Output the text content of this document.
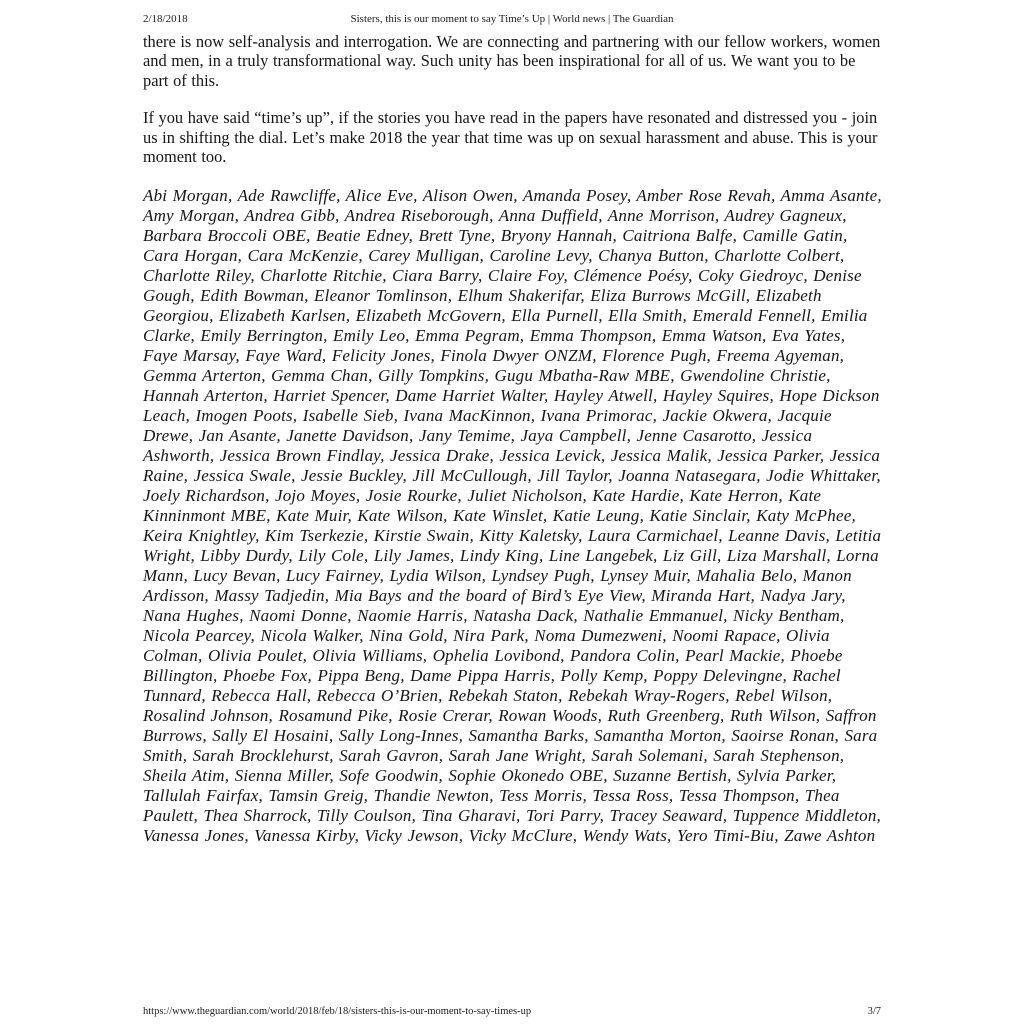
2/18/2018	Sisters, this is our moment to say Time’s Up | World news | The Guardian

there is now self-analysis and interrogation. We are connecting and partnering with our fellow workers, women and men, in a truly transformational way. Such unity has been inspirational for all of us. We want you to be part of this.

If you have said “time’s up”, if the stories you have read in the papers have resonated and distressed you - join us in shifting the dial. Let’s make 2018 the year that time was up on sexual harassment and abuse. This is your moment too.

Abi Morgan, Ade Rawcliffe, Alice Eve, Alison Owen, Amanda Posey, Amber Rose Revah, Amma Asante, Amy Morgan, Andrea Gibb, Andrea Riseborough, Anna Duffield, Anne Morrison, Audrey Gagneux, Barbara Broccoli OBE, Beatie Edney, Brett Tyne, Bryony Hannah, Caitriona Balfe, Camille Gatin, Cara Horgan, Cara McKenzie, Carey Mulligan, Caroline Levy, Chanya Button, Charlotte Colbert, Charlotte Riley, Charlotte Ritchie, Ciara Barry, Claire Foy, Clémence Poésy, Coky Giedroyc, Denise Gough, Edith Bowman, Eleanor Tomlinson, Elhum Shakerifar, Eliza Burrows McGill, Elizabeth Georgiou, Elizabeth Karlsen, Elizabeth McGovern, Ella Purnell, Ella Smith, Emerald Fennell, Emilia Clarke, Emily Berrington, Emily Leo, Emma Pegram, Emma Thompson, Emma Watson, Eva Yates, Faye Marsay, Faye Ward, Felicity Jones, Finola Dwyer ONZM, Florence Pugh, Freema Agyeman, Gemma Arterton, Gemma Chan, Gilly Tompkins, Gugu Mbatha-Raw MBE, Gwendoline Christie, Hannah Arterton, Harriet Spencer, Dame Harriet Walter, Hayley Atwell, Hayley Squires, Hope Dickson Leach, Imogen Poots, Isabelle Sieb, Ivana MacKinnon, Ivana Primorac, Jackie Okwera, Jacquie Drewe, Jan Asante, Janette Davidson, Jany Temime, Jaya Campbell, Jenne Casarotto, Jessica Ashworth, Jessica Brown Findlay, Jessica Drake, Jessica Levick, Jessica Malik, Jessica Parker, Jessica Raine, Jessica Swale, Jessie Buckley, Jill McCullough, Jill Taylor, Joanna Natasegara, Jodie Whittaker, Joely Richardson, Jojo Moyes, Josie Rourke, Juliet Nicholson, Kate Hardie, Kate Herron, Kate Kinninmont MBE, Kate Muir, Kate Wilson, Kate Winslet, Katie Leung, Katie Sinclair, Katy McPhee, Keira Knightley, Kim Tserkezie, Kirstie Swain, Kitty Kaletsky, Laura Carmichael, Leanne Davis, Letitia Wright, Libby Durdy, Lily Cole, Lily James, Lindy King, Line Langebek, Liz Gill, Liza Marshall, Lorna Mann, Lucy Bevan, Lucy Fairney, Lydia Wilson, Lyndsey Pugh, Lynsey Muir, Mahalia Belo, Manon Ardisson, Massy Tadjedin, Mia Bays and the board of Bird’s Eye View, Miranda Hart, Nadya Jary, Nana Hughes, Naomi Donne, Naomie Harris, Natasha Dack, Nathalie Emmanuel, Nicky Bentham, Nicola Pearcey, Nicola Walker, Nina Gold, Nira Park, Noma Dumezweni, Noomi Rapace, Olivia Colman, Olivia Poulet, Olivia Williams, Ophelia Lovibond, Pandora Colin, Pearl Mackie, Phoebe Billington, Phoebe Fox, Pippa Beng, Dame Pippa Harris, Polly Kemp, Poppy Delevingne, Rachel Tunnard, Rebecca Hall, Rebecca O’Brien, Rebekah Staton, Rebekah Wray-Rogers, Rebel Wilson, Rosalind Johnson, Rosamund Pike, Rosie Crerar, Rowan Woods, Ruth Greenberg, Ruth Wilson, Saffron Burrows, Sally El Hosaini, Sally Long-Innes, Samantha Barks, Samantha Morton, Saoirse Ronan, Sara Smith, Sarah Brocklehurst, Sarah Gavron, Sarah Jane Wright, Sarah Solemani, Sarah Stephenson, Sheila Atim, Sienna Miller, Sofe Goodwin, Sophie Okonedo OBE, Suzanne Bertish, Sylvia Parker, Tallulah Fairfax, Tamsin Greig, Thandie Newton, Tess Morris, Tessa Ross, Tessa Thompson, Thea Paulett, Thea Sharrock, Tilly Coulson, Tina Gharavi, Tori Parry, Tracey Seaward, Tuppence Middleton, Vanessa Jones, Vanessa Kirby, Vicky Jewson, Vicky McClure, Wendy Wats, Yero Timi-Biu, Zawe Ashton

https://www.theguardian.com/world/2018/feb/18/sisters-this-is-our-moment-to-say-times-up	3/7
